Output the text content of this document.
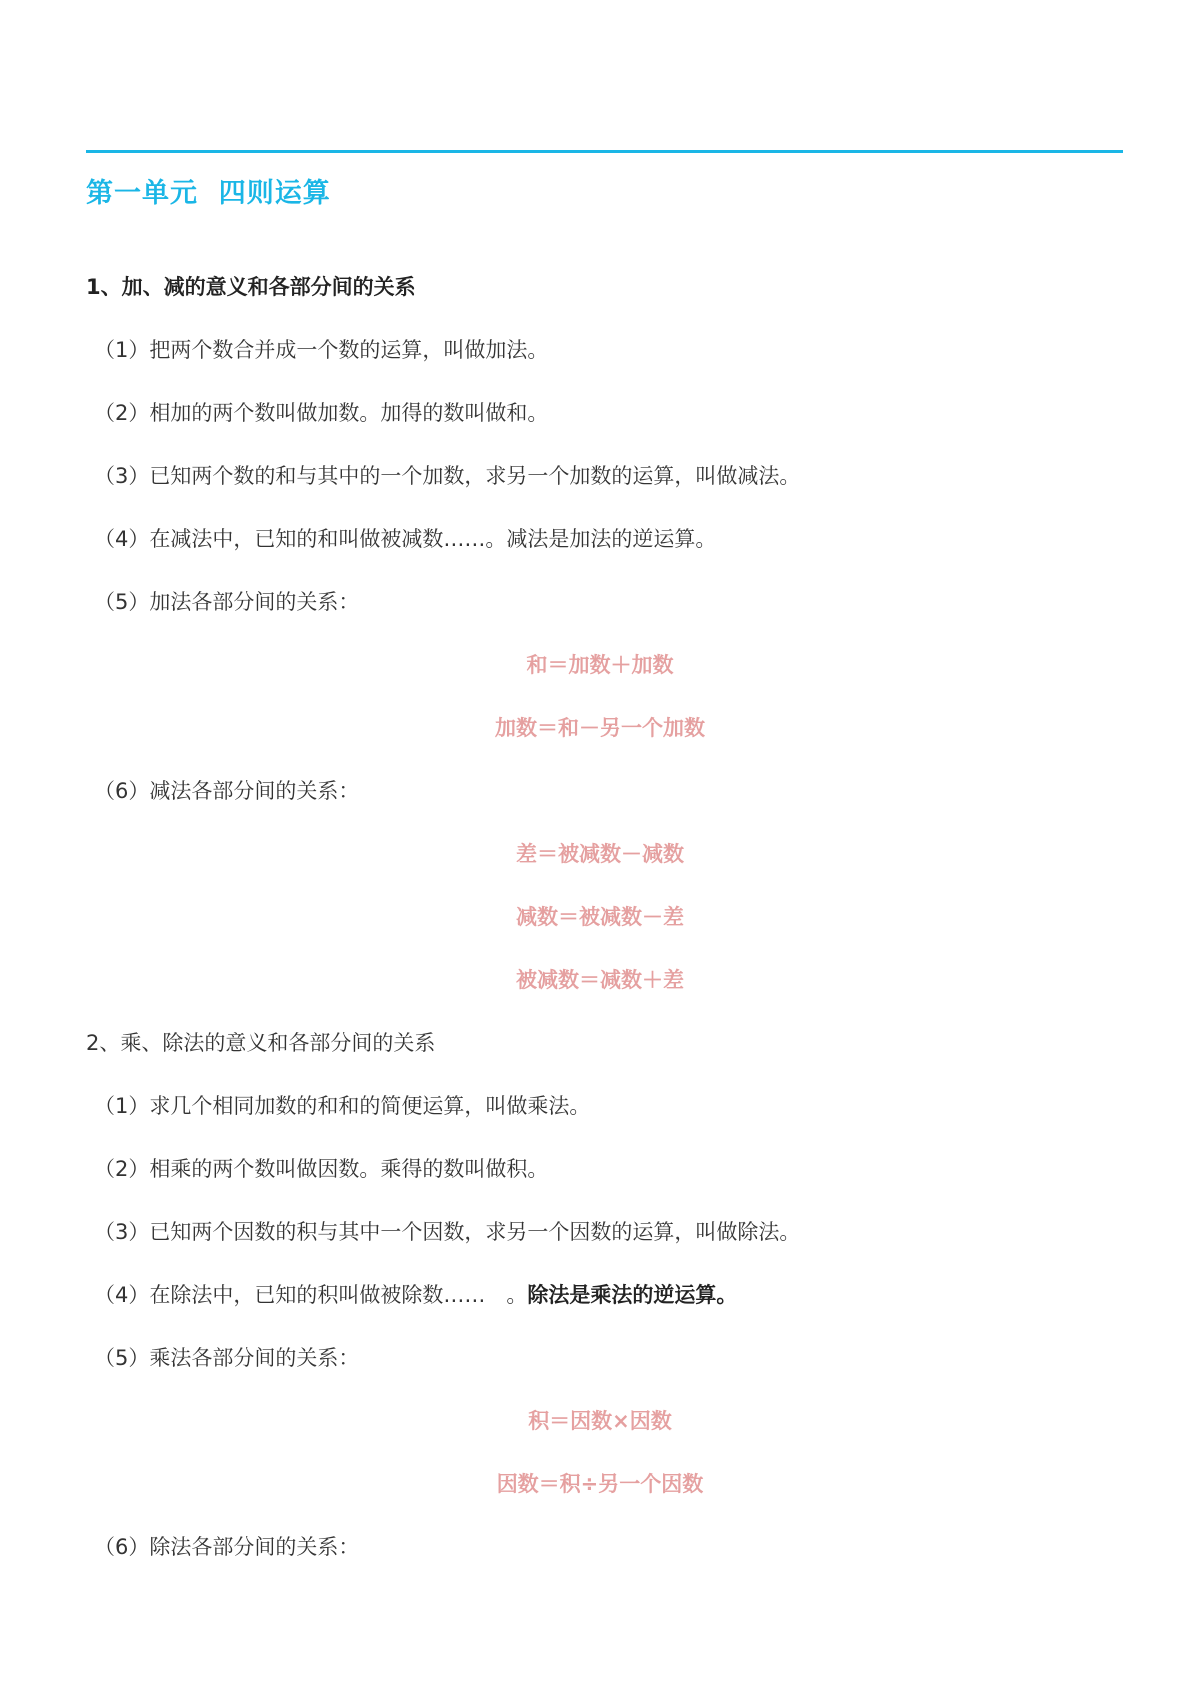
第一单元  四则运算
1、加、减的意义和各部分间的关系
（1）把两个数合并成一个数的运算，叫做加法。
（2）相加的两个数叫做加数。加得的数叫做和。
（3）已知两个数的和与其中的一个加数，求另一个加数的运算，叫做减法。
（4）在减法中，已知的和叫做被减数……。减法是加法的逆运算。
（5）加法各部分间的关系：
和＝加数＋加数
加数＝和－另一个加数
（6）减法各部分间的关系：
差＝被减数－减数
减数＝被减数－差
被减数＝减数＋差
2、乘、除法的意义和各部分间的关系
（1）求几个相同加数的和和的简便运算，叫做乘法。
（2）相乘的两个数叫做因数。乘得的数叫做积。
（3）已知两个因数的积与其中一个因数，求另一个因数的运算，叫做除法。
（4）在除法中，已知的积叫做被除数……　。除法是乘法的逆运算。
（5）乘法各部分间的关系：
积＝因数×因数
因数＝积÷另一个因数
（6）除法各部分间的关系：
